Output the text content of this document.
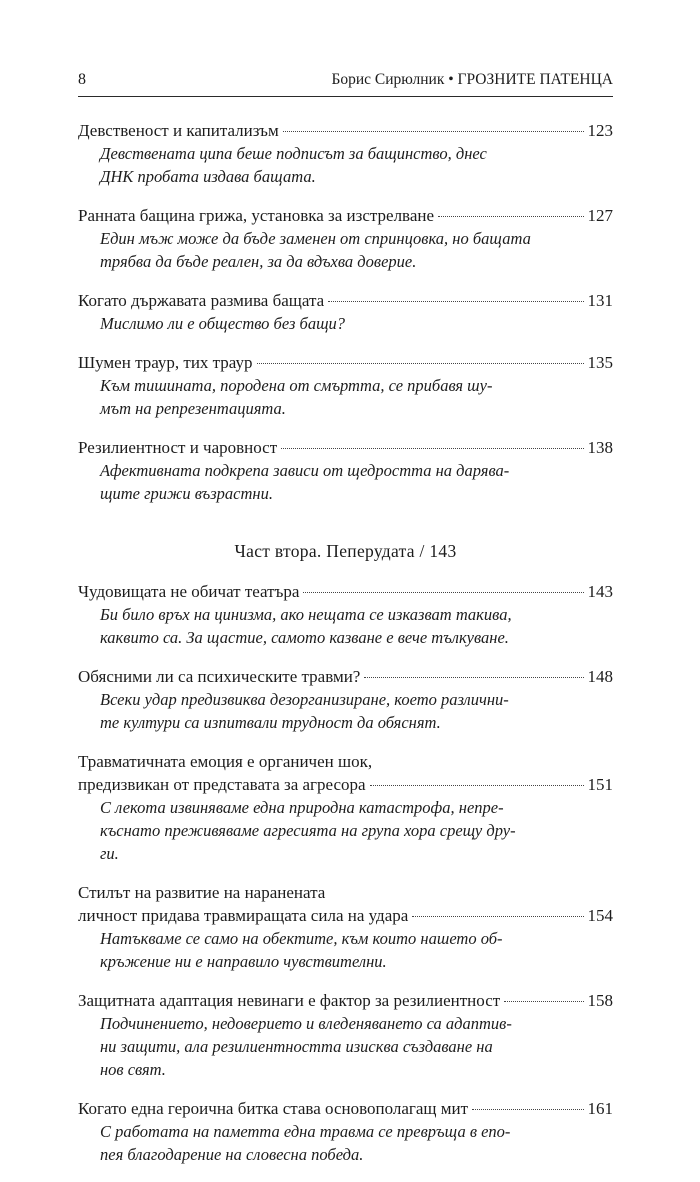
8	Борис Сирюлник • ГРОЗНИТЕ ПАТЕНЦА
Девственост и капитализъм	123
Девствената ципа беше подписът за бащинство, днес
ДНК пробата издава бащата.
Ранната бащина грижа, установка за изстрелване	127
Един мъж може да бъде заменен от спринцовка, но бащата
трябва да бъде реален, за да вдъхва доверие.
Когато държавата размива бащата	131
Мислимо ли е общество без бащи?
Шумен траур, тих траур	135
Към тишината, породена от смъртта, се прибавя шу-
мът на репрезентацията.
Резилиентност и чаровност	138
Афективната подкрепа зависи от щедростта на дарява-
щите грижи възрастни.
Част втора. Пеперудата / 143
Чудовищата не обичат театъра	143
Би било връх на цинизма, ако нещата се изказват такива,
каквито са. За щастие, самото казване е вече тълкуване.
Обясними ли са психическите травми?	148
Всеки удар предизвиква дезорганизиране, което различни-
те култури са изпитвали трудност да обяснят.
Травматичната емоция е органичен шок,
предизвикан от представата за агресора	151
С лекота извиняваме една природна катастрофа, непре-
къснато преживяваме агресията на група хора срещу дру-
ги.
Стилът на развитие на наранената
личност придава травмиращата сила на удара	154
Натъкваме се само на обектите, към които нашето об-
кръжение ни е направило чувствителни.
Защитната адаптация невинаги е фактор за резилиентност	158
Подчинението, недоверието и вледеняването са адаптив-
ни защити, ала резилиентността изисква създаване на
нов свят.
Когато една героична битка става основополагащ мит	161
С работата на паметта една травма се превръща в епо-
пея благодарение на словесна победа.
